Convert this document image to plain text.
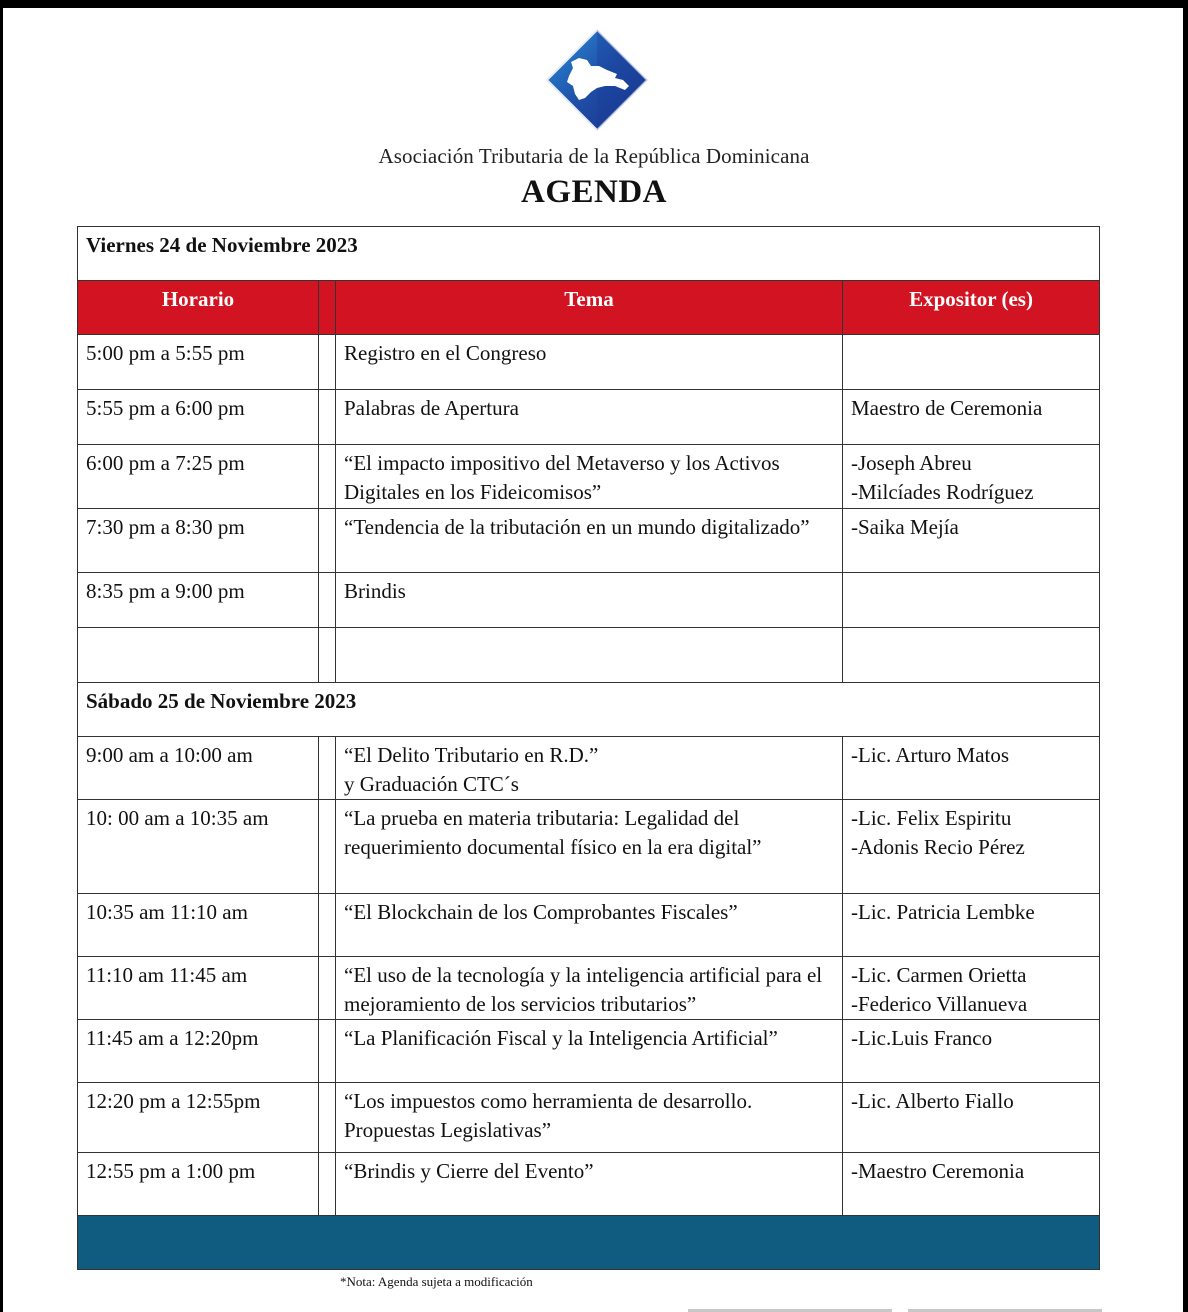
Asociación Tributaria de la República Dominicana
AGENDA
Viernes 24 de Noviembre 2023			
Horario		Tema	Expositor (es)
5:00 pm a 5:55 pm		Registro en el Congreso	
5:55 pm a 6:00 pm		Palabras de Apertura	Maestro de Ceremonia
6:00 pm a 7:25 pm		“El impacto impositivo del Metaverso y los Activos Digitales en los Fideicomisos”	-Joseph Abreu
-Milcíades Rodríguez
7:30 pm a 8:30 pm		“Tendencia de la tributación en un mundo digitalizado”	-Saika Mejía
8:35 pm a 9:00 pm		Brindis	

Sábado 25 de Noviembre 2023			
9:00 am a 10:00 am		“El Delito Tributario en R.D.”
y Graduación CTC´s	-Lic. Arturo Matos
10: 00 am a 10:35 am		“La prueba en materia tributaria: Legalidad del requerimiento documental físico en la era digital”	-Lic. Felix Espiritu
-Adonis Recio Pérez
10:35 am 11:10 am		“El Blockchain de los Comprobantes Fiscales”	-Lic. Patricia Lembke
11:10 am 11:45 am		“El uso de la tecnología y la inteligencia artificial para el mejoramiento de los servicios tributarios”	-Lic. Carmen Orietta
-Federico Villanueva
11:45 am a 12:20pm		“La Planificación Fiscal y la Inteligencia Artificial”	-Lic.Luis Franco
12:20 pm a 12:55pm		“Los impuestos como herramienta de desarrollo. Propuestas Legislativas”	-Lic. Alberto Fiallo
12:55 pm a 1:00 pm		“Brindis y Cierre del Evento”	-Maestro Ceremonia

*Nota: Agenda sujeta a modificación
